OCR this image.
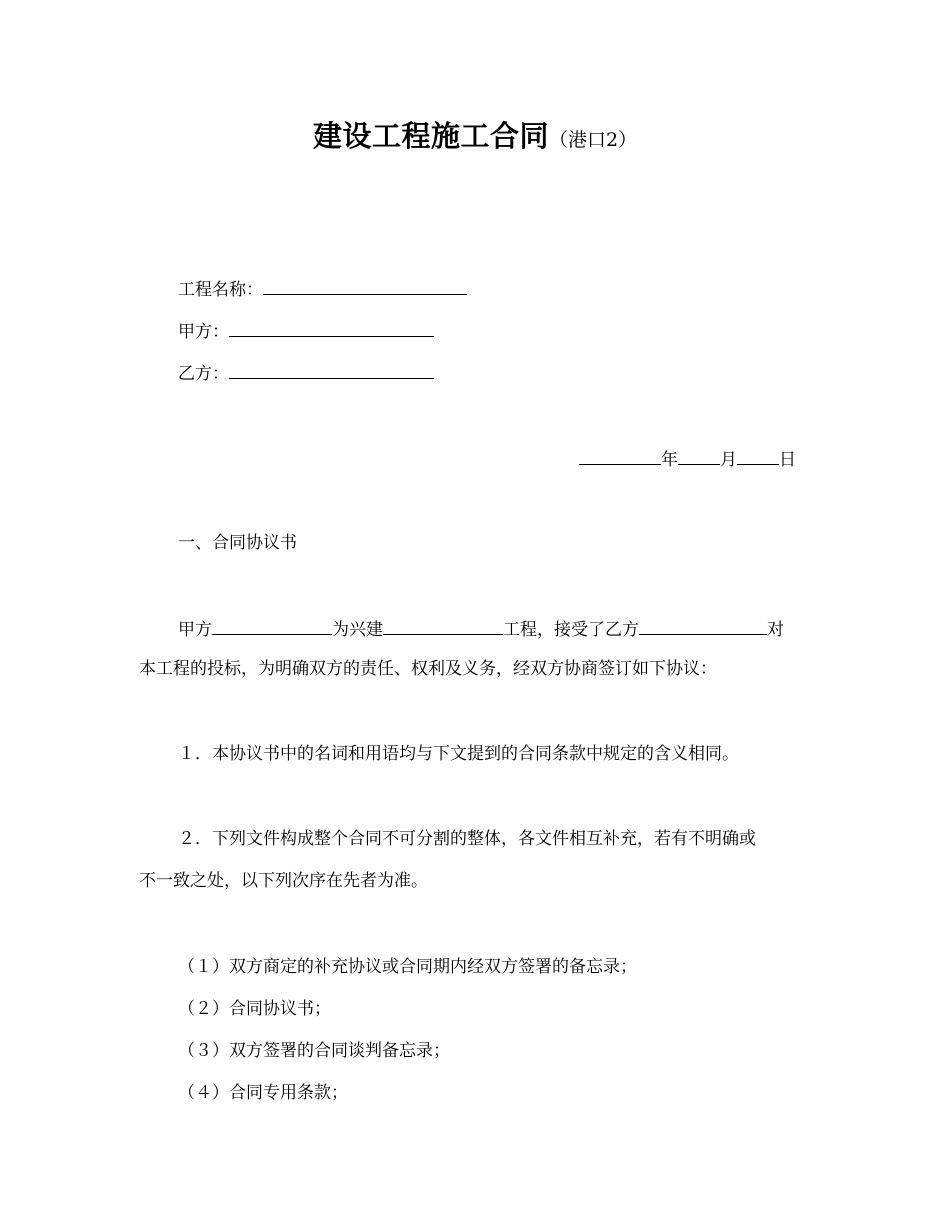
建设工程施工合同（港口2）
工程名称：
甲方：
乙方：
年 月 日
一、合同协议书
甲方	为兴建	工程，接受了乙方	对
本工程的投标，为明确双方的责任、权利及义务，经双方协商签订如下协议：
１．本协议书中的名词和用语均与下文提到的合同条款中规定的含义相同。
２．下列文件构成整个合同不可分割的整体，各文件相互补充，若有不明确或
不一致之处，以下列次序在先者为准。
（１）双方商定的补充协议或合同期内经双方签署的备忘录；
（２）合同协议书；
（３）双方签署的合同谈判备忘录；
（４）合同专用条款；
